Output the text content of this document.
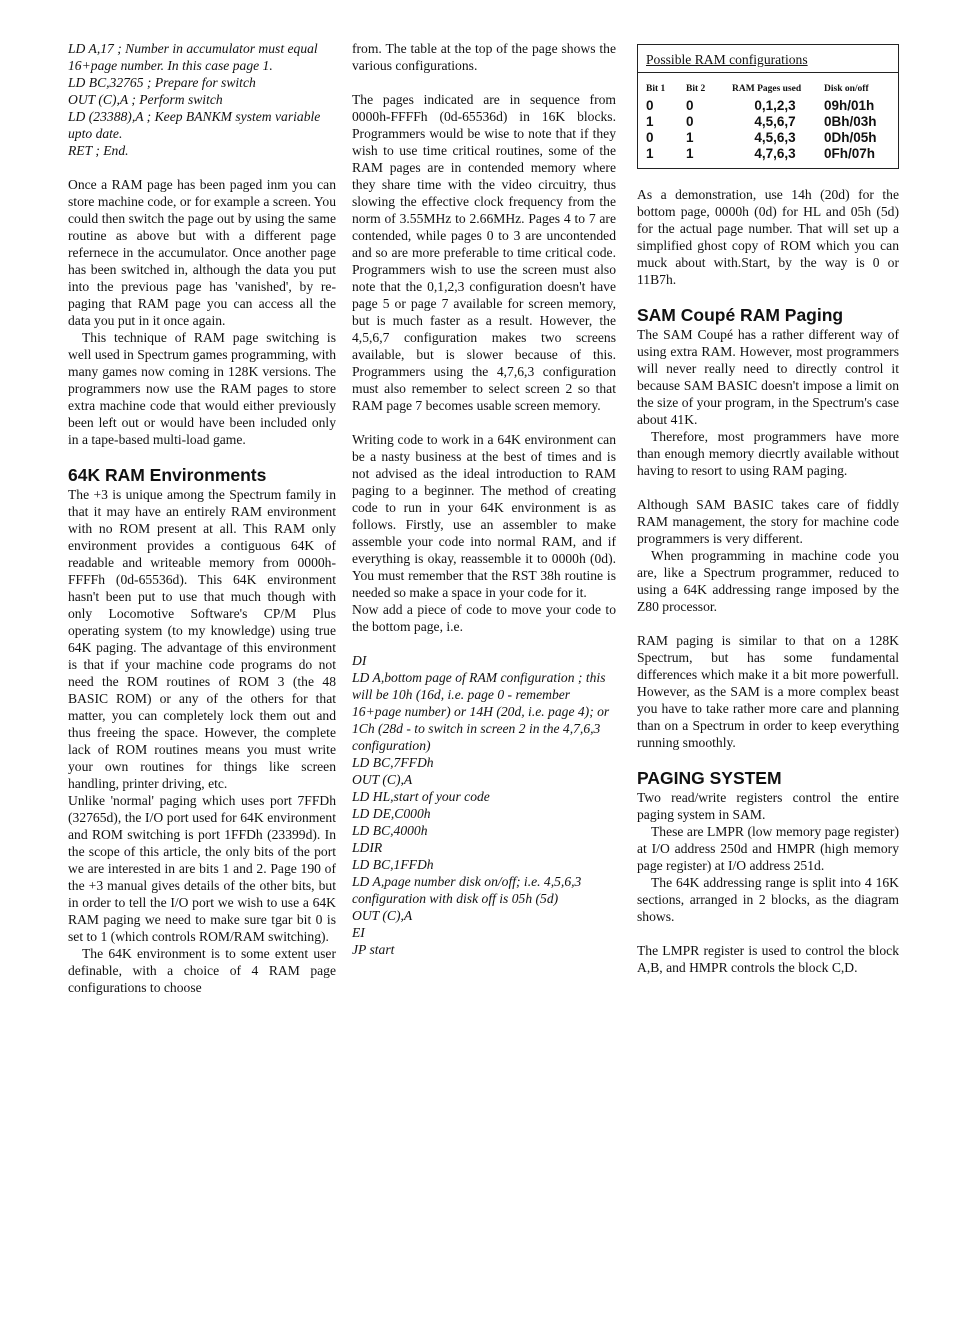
LD A,17 ; Number in accumulator must equal 16+page number. In this case page 1.

LD BC,32765 ; Prepare for switch

OUT (C),A ; Perform switch

LD (23388),A ; Keep BANKM system variable upto date.

RET ; End.

Once a RAM page has been paged inm you can store machine code, or for example a screen. You could then switch the page out by using the same routine as above but with a different page refernece in the accumulator. Once another page has been switched in, although the data you put into the previous page has 'vanished', by re-paging that RAM page you can access all the data you put in it once again.

This technique of RAM page switching is well used in Spectrum games programming, with many games now coming in 128K versions. The programmers now use the RAM pages to store extra machine code that would either previously been left out or would have been included only in a tape-based multi-load game.

64K RAM Environments

The +3 is unique among the Spectrum family in that it may have an entirely RAM environment with no ROM present at all. This RAM only environment provides a contiguous 64K of readable and writeable memory from 0000h-FFFFh (0d-65536d). This 64K environment hasn't been put to use that much though with only Locomotive Software's CP/M Plus operating system (to my knowledge) using true 64K paging. The advantage of this environment is that if your machine code programs do not need the ROM routines of ROM 3 (the 48 BASIC ROM) or any of the others for that matter, you can completely lock them out and thus freeing the space. However, the complete lack of ROM routines means you must write your own routines for things like screen handling, printer driving, etc.

Unlike 'normal' paging which uses port 7FFDh (32765d), the I/O port used for 64K environment and ROM switching is port 1FFDh (23399d). In the scope of this article, the only bits of the port we are interested in are bits 1 and 2. Page 190 of the +3 manual gives details of the other bits, but in order to tell the I/O port we wish to use a 64K RAM paging we need to make sure tgar bit 0 is set to 1 (which controls ROM/RAM switching).

The 64K environment is to some extent user definable, with a choice of 4 RAM page configurations to choose

from. The table at the top of the page shows the various configurations.

The pages indicated are in sequence from 0000h-FFFFh (0d-65536d) in 16K blocks. Programmers would be wise to note that if they wish to use time critical routines, some of the RAM pages are in contended memory where they share time with the video circuitry, thus slowing the effective clock frequency from the norm of 3.55MHz to 2.66MHz. Pages 4 to 7 are contended, while pages 0 to 3 are uncontended and so are more preferable to time critical code. Programmers wish to use the screen must also note that the 0,1,2,3 configuration doesn't have page 5 or page 7 available for screen memory, but is much faster as a result. However, the 4,5,6,7 configuration makes two screens available, but is slower because of this. Programmers using the 4,7,6,3 configuration must also remember to select screen 2 so that RAM page 7 becomes usable screen memory.

Writing code to work in a 64K environment can be a nasty business at the best of times and is not advised as the ideal introduction to RAM paging to a beginner. The method of creating code to run in your 64K environment is as follows. Firstly, use an assembler to make assemble your code into normal RAM, and if everything is okay, reassemble it to 0000h (0d). You must remember that the RST 38h routine is needed so make a space in your code for it.

Now add a piece of code to move your code to the bottom page, i.e.

DI

LD A,bottom page of RAM configuration ; this will be 10h (16d, i.e. page 0 - remember 16+page number) or 14H (20d, i.e. page 4); or 1Ch (28d - to switch in screen 2 in the 4,7,6,3 configuration)

LD BC,7FFDh

OUT (C),A

LD HL,start of your code

LD DE,C000h

LD BC,4000h

LDIR

LD BC,1FFDh

LD A,page number disk on/off; i.e. 4,5,6,3 configuration with disk off is 05h (5d)

OUT (C),A

EI

JP start

Possible RAM configurations
Bit 1	Bit 2	RAM Pages used	Disk on/off
0	0	0,1,2,3	09h/01h
1	0	4,5,6,7	0Bh/03h
0	1	4,5,6,3	0Dh/05h
1	1	4,7,6,3	0Fh/07h

As a demonstration, use 14h (20d) for the bottom page, 0000h (0d) for HL and 05h (5d) for the actual page number. That will set up a simplified ghost copy of ROM which you can muck about with.Start, by the way is 0 or 11B7h.

SAM Coupé RAM Paging

The SAM Coupé has a rather different way of using extra RAM. However, most programmers will never really need to directly control it because SAM BASIC doesn't impose a limit on the size of your program, in the Spectrum's case about 41K.

Therefore, most programmers have more than enough memory diecrtly available without having to resort to using RAM paging.

Although SAM BASIC takes care of fiddly RAM management, the story for machine code programmers is very different.

When programming in machine code you are, like a Spectrum programmer, reduced to using a 64K addressing range imposed by the Z80 processor.

RAM paging is similar to that on a 128K Spectrum, but has some fundamental differences which make it a bit more powerfull. However, as the SAM is a more complex beast you have to take rather more care and planning than on a Spectrum in order to keep everything running smoothly.

PAGING SYSTEM

Two read/write registers control the entire paging system in SAM.

These are LMPR (low memory page register) at I/O address 250d and HMPR (high memory page register) at I/O address 251d.

The 64K addressing range is split into 4 16K sections, arranged in 2 blocks, as the diagram shows.

The LMPR register is used to control the block A,B, and HMPR controls the block C,D.
